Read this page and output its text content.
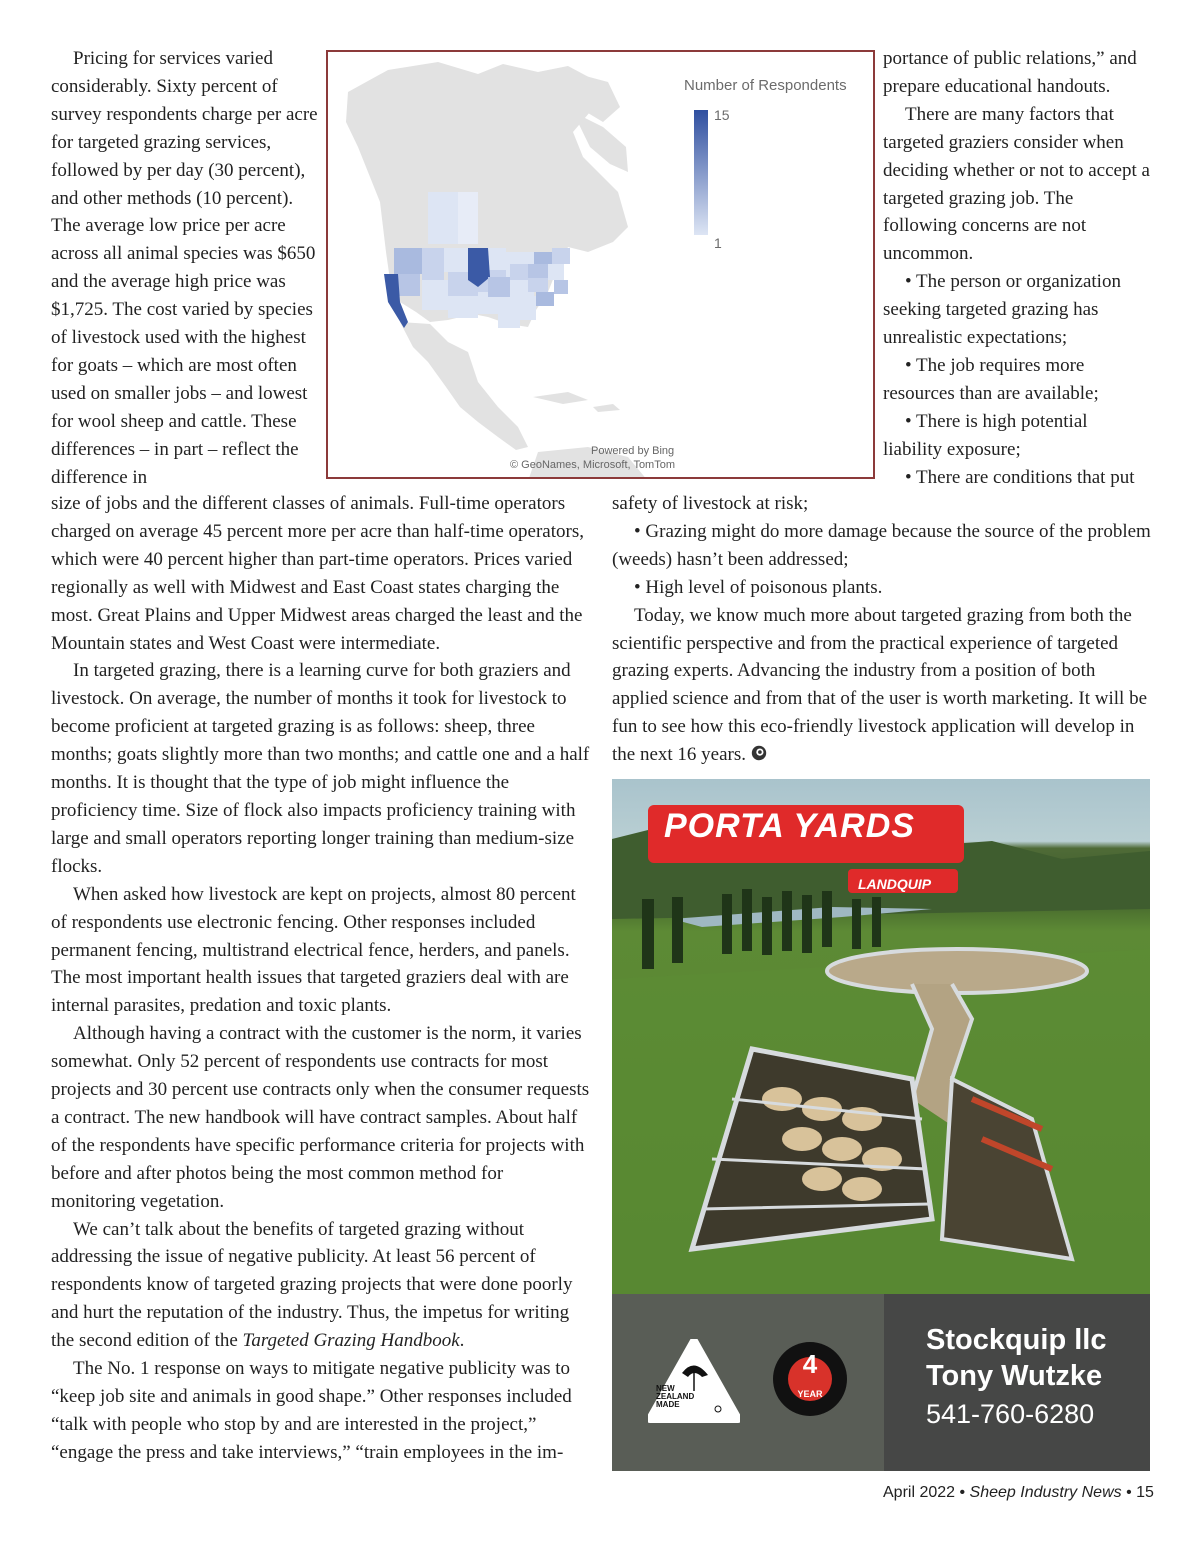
Pricing for services varied considerably. Sixty percent of survey respondents charge per acre for targeted grazing services, followed by per day (30 percent), and other methods (10 percent). The average low price per acre across all animal species was $650 and the average high price was $1,725. The cost varied by species of livestock used with the highest for goats – which are most often used on smaller jobs – and lowest for wool sheep and cattle. These differences – in part – reflect the difference in

size of jobs and the different classes of animals. Full-time operators charged on average 45 percent more per acre than half-time operators, which were 40 percent higher than part-time operators. Prices varied regionally as well with Midwest and East Coast states charging the most. Great Plains and Upper Midwest areas charged the least and the Mountain states and West Coast were intermediate.

In targeted grazing, there is a learning curve for both graziers and livestock. On average, the number of months it took for livestock to become proficient at targeted grazing is as follows: sheep, three months; goats slightly more than two months; and cattle one and a half months. It is thought that the type of job might influence the proficiency time. Size of flock also impacts proficiency training with large and small operators reporting longer training than medium-size flocks.

When asked how livestock are kept on projects, almost 80 percent of respondents use electronic fencing. Other responses included permanent fencing, multistrand electrical fence, herders, and panels. The most important health issues that targeted graziers deal with are internal parasites, predation and toxic plants.

Although having a contract with the customer is the norm, it varies somewhat. Only 52 percent of respondents use contracts for most projects and 30 percent use contracts only when the consumer requests a contract. The new handbook will have contract samples. About half of the respondents have specific performance criteria for projects with before and after photos being the most common method for monitoring vegetation.

We can’t talk about the benefits of targeted grazing without addressing the issue of negative publicity. At least 56 percent of respondents know of targeted grazing projects that were done poorly and hurt the reputation of the industry. Thus, the impetus for writing the second edition of the Targeted Grazing Handbook.

The No. 1 response on ways to mitigate negative publicity was to “keep job site and animals in good shape.” Other responses included “talk with people who stop by and are interested in the project,” “engage the press and take interviews,” “train employees in the im-

Number of Respondents
15
1
Powered by Bing
© GeoNames, Microsoft, TomTom

portance of public relations,” and prepare educational handouts.

There are many factors that targeted graziers consider when deciding whether or not to accept a targeted grazing job. The following concerns are not uncommon.

• The person or organization seeking targeted grazing has unrealistic expectations;

• The job requires more resources than are available;

• There is high potential liability exposure;

• There are conditions that put

safety of livestock at risk;

• Grazing might do more damage because the source of the problem (weeds) hasn’t been addressed;

• High level of poisonous plants.

Today, we know much more about targeted grazing from both the scientific perspective and from the practical experience of targeted grazing experts. Advancing the industry from a position of both applied science and from that of the user is worth marketing. It will be fun to see how this eco-friendly livestock application will develop in the next 16 years.

PORTA YARDS
LANDQUIP
NEW ZEALAND MADE
4
YEAR
Stockquip llc
Tony Wutzke
541-760-6280
April 2022 • Sheep Industry News • 15
